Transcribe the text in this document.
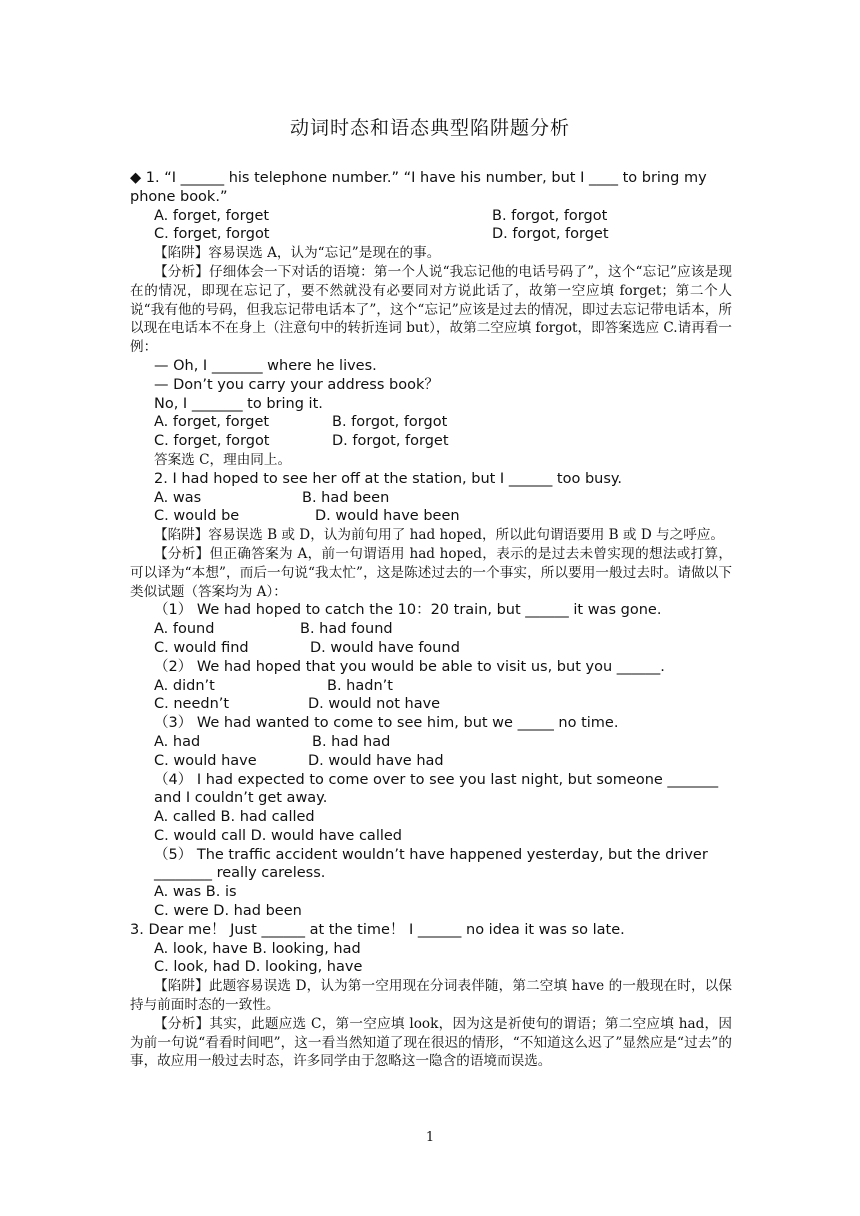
动词时态和语态典型陷阱题分析

◆ 1. “I ______ his telephone number.” “I have his number, but I ____ to bring my phone book.”

A. forget, forget	B. forgot, forgot
C. forget, forgot	D. forgot, forget

【陷阱】容易误选 A，认为“忘记”是现在的事。

【分析】仔细体会一下对话的语境：第一个人说“我忘记他的电话号码了”，这个“忘记”应该是现在的情况，即现在忘记了，要不然就没有必要同对方说此话了，故第一空应填 forget；第二个人说“我有他的号码，但我忘记带电话本了”，这个“忘记”应该是过去的情况，即过去忘记带电话本，所以现在电话本不在身上（注意句中的转折连词 but），故第二空应填 forgot，即答案选应 C.请再看一例：

— Oh, I _______ where he lives.

— Don’t you carry your address book？

No, I _______ to bring it.

A. forget, forget	B. forgot, forgot
C. forget, forgot	D. forgot, forget

答案选 C，理由同上。

2. I had hoped to see her off at the station, but I ______ too busy.

A. was	B. had been
C. would be	D. would have been

【陷阱】容易误选 B 或 D，认为前句用了 had hoped，所以此句谓语要用 B 或 D 与之呼应。

【分析】但正确答案为 A，前一句谓语用 had hoped，表示的是过去未曾实现的想法或打算，可以译为“本想”，而后一句说“我太忙”，这是陈述过去的一个事实，所以要用一般过去时。请做以下类似试题（答案均为 A）：

（1） We had hoped to catch the 10：20 train, but ______ it was gone.

A. found	B. had found
C. would find	D. would have found

（2） We had hoped that you would be able to visit us, but you ______.

A. didn’t	B. hadn’t
C. needn’t	D. would not have

（3） We had wanted to come to see him, but we _____ no time.

A. had	B. had had
C. would have	D. would have had

（4） I had expected to come over to see you last night, but someone _______ and I couldn’t get away.

A. called B. had called

C. would call D. would have called

（5） The traffic accident wouldn’t have happened yesterday, but the driver ________ really careless.

A. was B. is

C. were D. had been

3. Dear me！ Just ______ at the time！ I ______ no idea it was so late.

A. look, have B. looking, had

C. look, had D. looking, have

【陷阱】此题容易误选 D，认为第一空用现在分词表伴随，第二空填 have 的一般现在时，以保持与前面时态的一致性。

【分析】其实，此题应选 C，第一空应填 look，因为这是祈使句的谓语；第二空应填 had，因为前一句说“看看时间吧”，这一看当然知道了现在很迟的情形，“不知道这么迟了”显然应是“过去”的事，故应用一般过去时态，许多同学由于忽略这一隐含的语境而误选。

1
